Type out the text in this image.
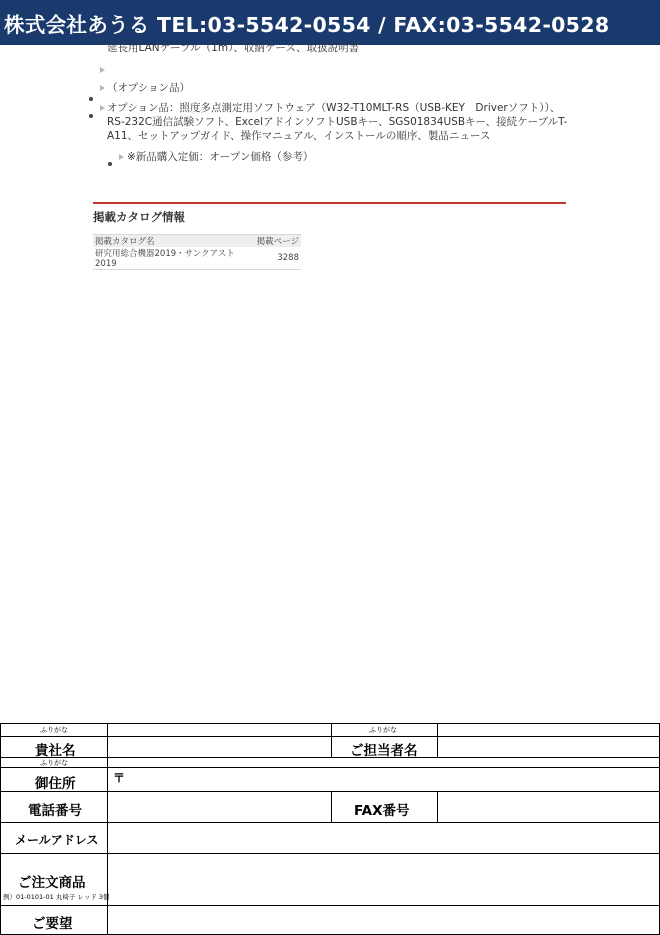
株式会社あうる TEL:03-5542-0554 / FAX:03-5542-0528
延長用LANケーブル（1m）、収納ケース、取扱説明書
（オプション品）
オプション品：照度多点測定用ソフトウェア（W32-T10MLT-RS（USB-KEY　Driverソフト））、
RS-232C通信試験ソフト、ExcelアドインソフトUSBキー、SGS01834USBキー、接続ケーブルT-
A11、セットアップガイド、操作マニュアル、インストールの順序、製品ニュース
※新品購入定価：オープン価格（参考）
掲載カタログ情報
掲載カタログ名	掲載ページ
研究用総合機器2019・サンクアスト2019	3288
ふりがな	ふりがな
貴社名	ご担当者名
ふりがな
御住所	〒
電話番号	FAX番号
メールアドレス
ご注文商品
例）01-0101-01 丸椅子 レッド 3個
ご要望
